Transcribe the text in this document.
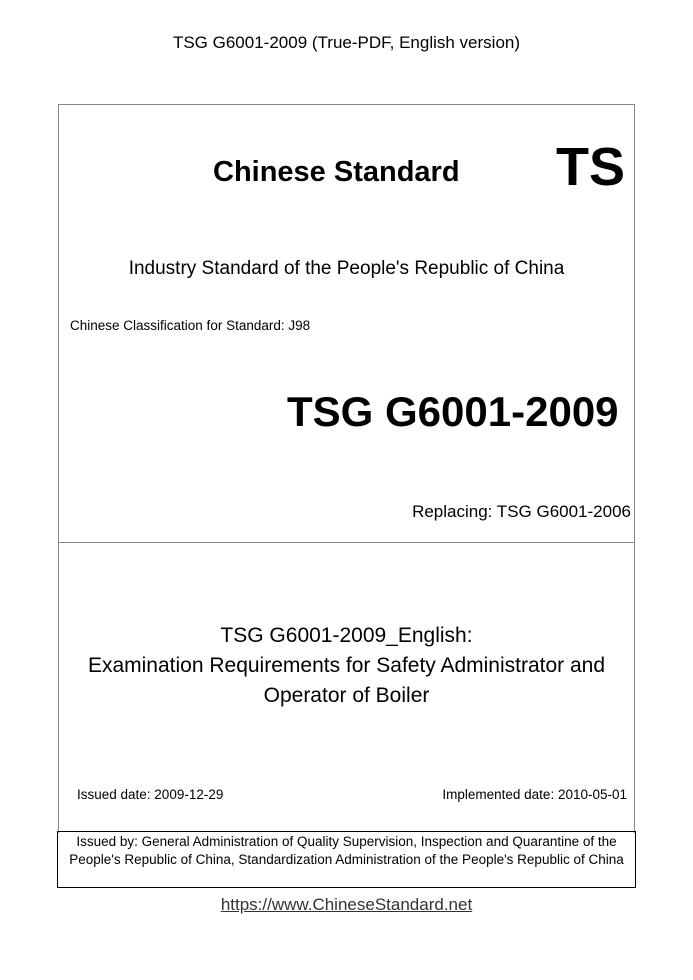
TSG G6001-2009 (True-PDF, English version)
Chinese Standard TS
Industry Standard of the People's Republic of China
Chinese Classification for Standard: J98
TSG G6001-2009
Replacing: TSG G6001-2006
TSG G6001-2009_English:
Examination Requirements for Safety Administrator and
Operator of Boiler
Issued date: 2009-12-29	Implemented date: 2010-05-01
Issued by: General Administration of Quality Supervision, Inspection and Quarantine of the People's Republic of China, Standardization Administration of the People's Republic of China
https://www.ChineseStandard.net
